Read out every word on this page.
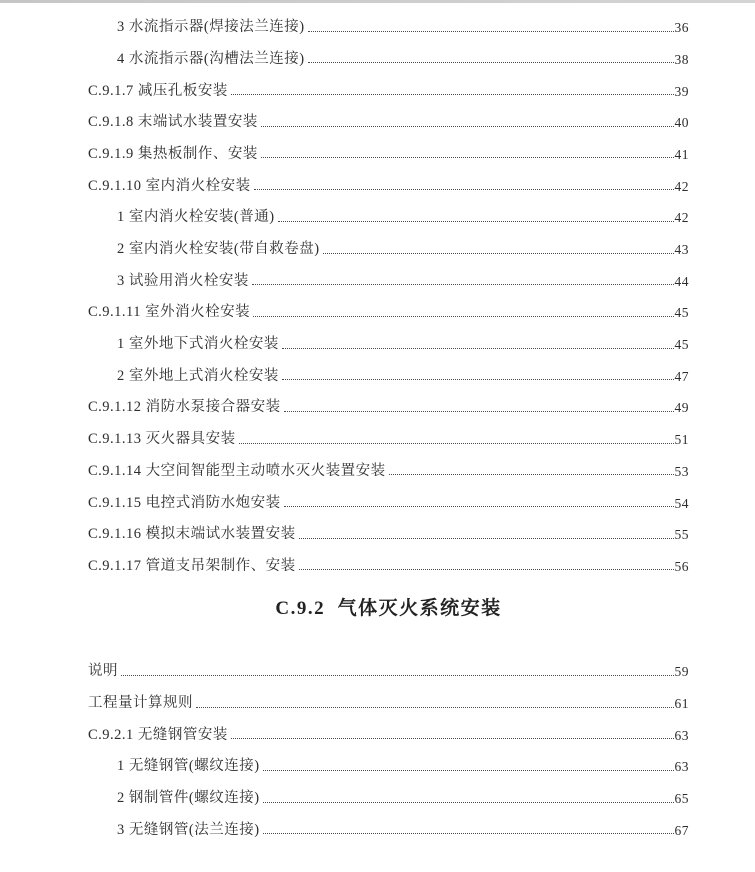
3 水流指示器(焊接法兰连接)	36
4 水流指示器(沟槽法兰连接)	38
C.9.1.7 减压孔板安装	39
C.9.1.8 末端试水装置安装	40
C.9.1.9 集热板制作、安装	41
C.9.1.10 室内消火栓安装	42
1 室内消火栓安装(普通)	42
2 室内消火栓安装(带自救卷盘)	43
3 试验用消火栓安装	44
C.9.1.11 室外消火栓安装	45
1 室外地下式消火栓安装	45
2 室外地上式消火栓安装	47
C.9.1.12 消防水泵接合器安装	49
C.9.1.13 灭火器具安装	51
C.9.1.14 大空间智能型主动喷水灭火装置安装	53
C.9.1.15 电控式消防水炮安装	54
C.9.1.16 模拟末端试水装置安装	55
C.9.1.17 管道支吊架制作、安装	56
C.9.2  气体灭火系统安装
说明	59
工程量计算规则	61
C.9.2.1 无缝钢管安装	63
1 无缝钢管(螺纹连接)	63
2 钢制管件(螺纹连接)	65
3 无缝钢管(法兰连接)	67
